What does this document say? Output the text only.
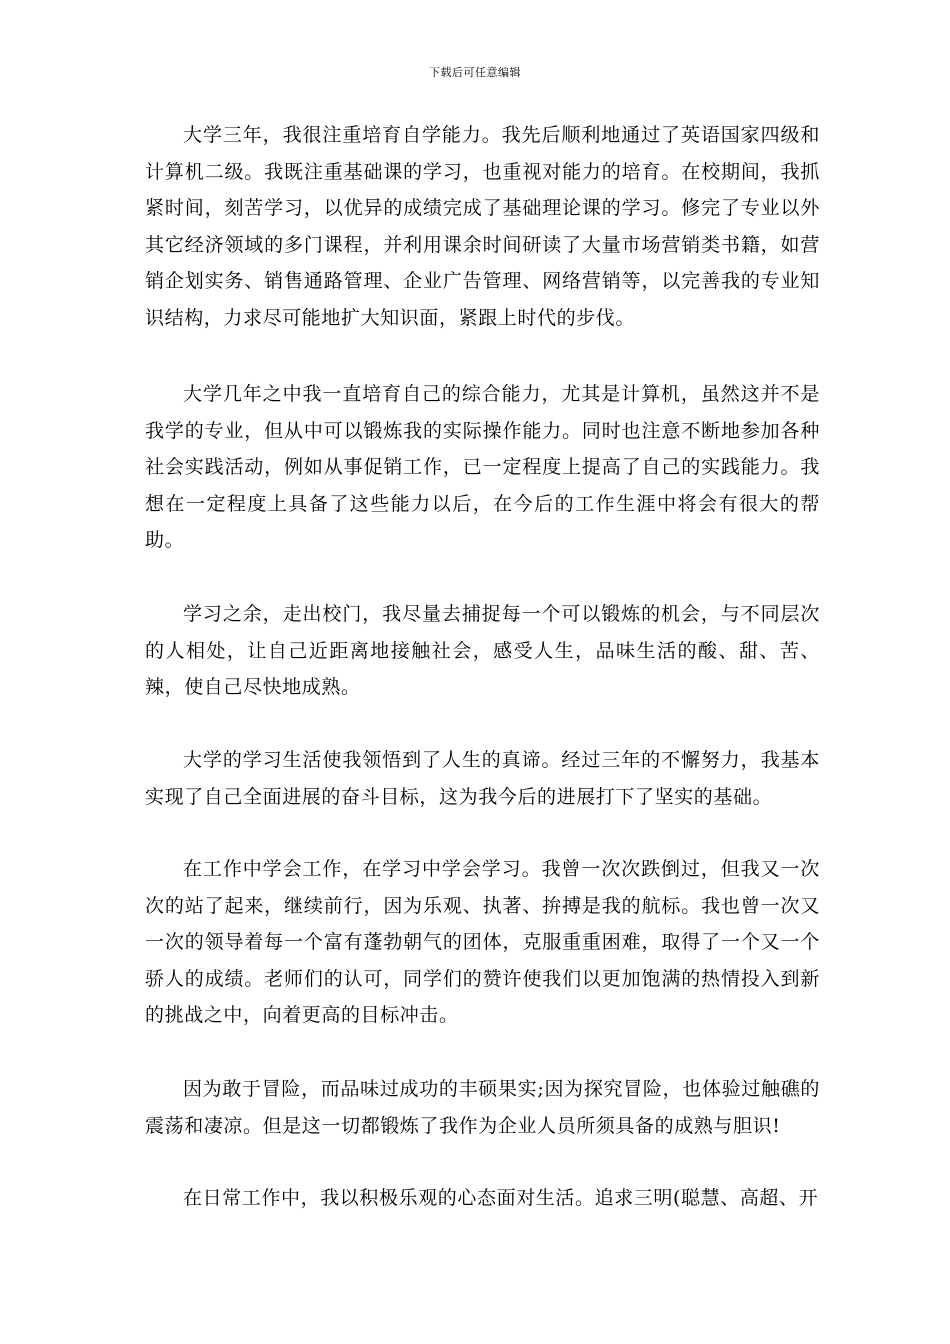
下载后可任意编辑

大学三年，我很注重培育自学能力。我先后顺利地通过了英语国家四级和计算机二级。我既注重基础课的学习，也重视对能力的培育。在校期间，我抓紧时间，刻苦学习，以优异的成绩完成了基础理论课的学习。修完了专业以外其它经济领域的多门课程，并利用课余时间研读了大量市场营销类书籍，如营销企划实务、销售通路管理、企业广告管理、网络营销等，以完善我的专业知识结构，力求尽可能地扩大知识面，紧跟上时代的步伐。

大学几年之中我一直培育自己的综合能力，尤其是计算机，虽然这并不是我学的专业，但从中可以锻炼我的实际操作能力。同时也注意不断地参加各种社会实践活动，例如从事促销工作，已一定程度上提高了自己的实践能力。我想在一定程度上具备了这些能力以后，在今后的工作生涯中将会有很大的帮助。

学习之余，走出校门，我尽量去捕捉每一个可以锻炼的机会，与不同层次的人相处，让自己近距离地接触社会，感受人生，品味生活的酸、甜、苦、辣，使自己尽快地成熟。

大学的学习生活使我领悟到了人生的真谛。经过三年的不懈努力，我基本实现了自己全面进展的奋斗目标，这为我今后的进展打下了坚实的基础。

在工作中学会工作，在学习中学会学习。我曾一次次跌倒过，但我又一次次的站了起来，继续前行，因为乐观、执著、拚搏是我的航标。我也曾一次又一次的领导着每一个富有蓬勃朝气的团体，克服重重困难，取得了一个又一个骄人的成绩。老师们的认可，同学们的赞许使我们以更加饱满的热情投入到新的挑战之中，向着更高的目标冲击。

因为敢于冒险，而品味过成功的丰硕果实;因为探究冒险，也体验过触礁的震荡和凄凉。但是这一切都锻炼了我作为企业人员所须具备的成熟与胆识!

在日常工作中，我以积极乐观的心态面对生活。追求三明(聪慧、高超、开
